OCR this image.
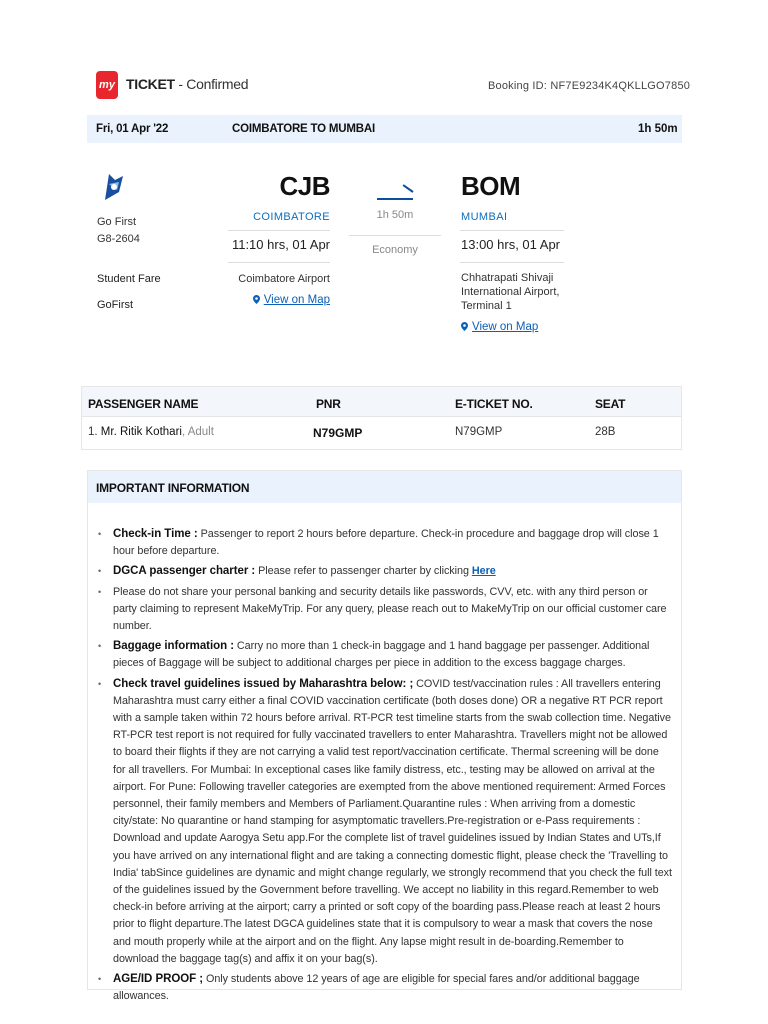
my TICKET - Confirmed	Booking ID: NF7E9234K4QKLLGO7850
Fri, 01 Apr '22	COIMBATORE TO MUMBAI	1h 50m
Go First
G8-2604
Student Fare
GoFirst
CJB
COIMBATORE
11:10 hrs, 01 Apr
Coimbatore Airport
View on Map
1h 50m
Economy
BOM
MUMBAI
13:00 hrs, 01 Apr
Chhatrapati Shivaji International Airport, Terminal 1
View on Map
PASSENGER NAME	PNR	E-TICKET NO.	SEAT
1. Mr. Ritik Kothari, Adult	N79GMP	N79GMP	28B
IMPORTANT INFORMATION
• Check-in Time : Passenger to report 2 hours before departure. Check-in procedure and baggage drop will close 1 hour before departure.
• DGCA passenger charter : Please refer to passenger charter by clicking Here
• Please do not share your personal banking and security details like passwords, CVV, etc. with any third person or party claiming to represent MakeMyTrip. For any query, please reach out to MakeMyTrip on our official customer care number.
• Baggage information : Carry no more than 1 check-in baggage and 1 hand baggage per passenger. Additional pieces of Baggage will be subject to additional charges per piece in addition to the excess baggage charges.
• Check travel guidelines issued by Maharashtra below: ; COVID test/vaccination rules : All travellers entering Maharashtra must carry either a final COVID vaccination certificate (both doses done) OR a negative RT PCR report with a sample taken within 72 hours before arrival. RT-PCR test timeline starts from the swab collection time. Negative RT-PCR test report is not required for fully vaccinated travellers to enter Maharashtra. Travellers might not be allowed to board their flights if they are not carrying a valid test report/vaccination certificate. Thermal screening will be done for all travellers. For Mumbai: In exceptional cases like family distress, etc., testing may be allowed on arrival at the airport. For Pune: Following traveller categories are exempted from the above mentioned requirement: Armed Forces personnel, their family members and Members of Parliament.Quarantine rules : When arriving from a domestic city/state: No quarantine or hand stamping for asymptomatic travellers.Pre-registration or e-Pass requirements : Download and update Aarogya Setu app.For the complete list of travel guidelines issued by Indian States and UTs,If you have arrived on any international flight and are taking a connecting domestic flight, please check the 'Travelling to India' tabSince guidelines are dynamic and might change regularly, we strongly recommend that you check the full text of the guidelines issued by the Government before travelling. We accept no liability in this regard.Remember to web check-in before arriving at the airport; carry a printed or soft copy of the boarding pass.Please reach at least 2 hours prior to flight departure.The latest DGCA guidelines state that it is compulsory to wear a mask that covers the nose and mouth properly while at the airport and on the flight. Any lapse might result in de-boarding.Remember to download the baggage tag(s) and affix it on your bag(s).
• AGE/ID PROOF ; Only students above 12 years of age are eligible for special fares and/or additional baggage allowances.
